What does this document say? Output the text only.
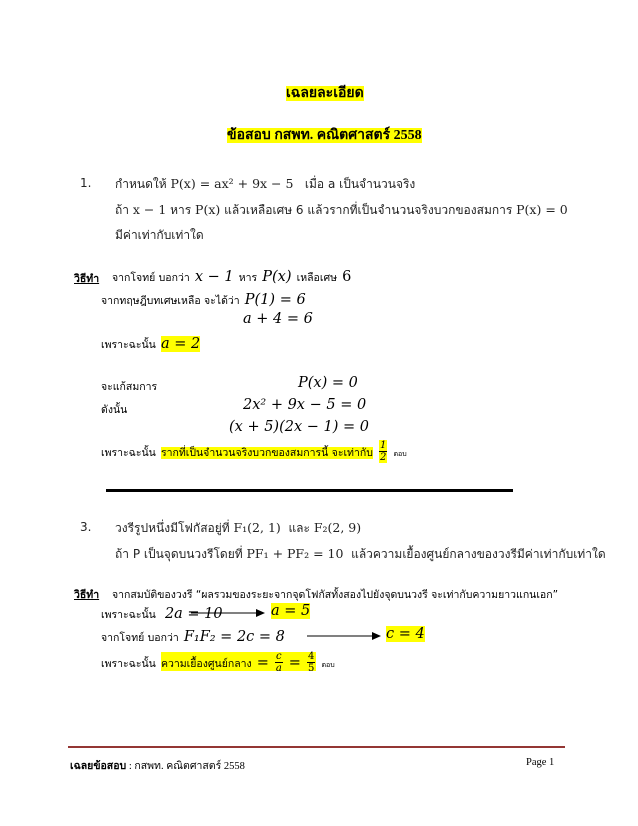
เฉลยละเอียด
ข้อสอบ กสพท. คณิตศาสตร์ 2558
1. กำหนดให้ P(x) = ax² + 9x − 5 เมื่อ a เป็นจำนวนจริง
ถ้า x − 1 หาร P(x) แล้วเหลือเศษ 6 แล้วรากที่เป็นจำนวนจริงบวกของสมการ P(x) = 0
มีค่าเท่ากับเท่าใด
วิธีทำ จากโจทย์ บอกว่า x − 1 หาร P(x) เหลือเศษ 6
จากทฤษฎีบทเศษเหลือ จะได้ว่า P(1) = 6
a + 4 = 6
เพราะฉะนั้น a = 2
จะแก้สมการ	P(x) = 0
ดังนั้น	2x² + 9x − 5 = 0
(x + 5)(2x − 1) = 0
เพราะฉะนั้น รากที่เป็นจำนวนจริงบวกของสมการนี้ จะเท่ากับ $\frac{1}{2}$ ตอบ
3. วงรีรูปหนึ่งมีโฟกัสอยู่ที่ F₁(2, 1) และ F₂(2, 9)
ถ้า P เป็นจุดบนวงรีโดยที่ PF₁ + PF₂ = 10 แล้วความเยื้องศูนย์กลางของวงรีมีค่าเท่ากับเท่าใด
วิธีทำ จากสมบัติของวงรี “ผลรวมของระยะจากจุดโฟกัสทั้งสองไปยังจุดบนวงรี จะเท่ากับความยาวแกนเอก”
เพราะฉะนั้น 2a = 10	a = 5
จากโจทย์ บอกว่า F₁F₂ = 2c = 8	c = 4
เพราะฉะนั้น ความเยื้องศูนย์กลาง = $\frac{c}{a} = \frac{4}{5}$ ตอบ
เฉลยข้อสอบ : กสพท. คณิตศาสตร์ 2558	Page 1
